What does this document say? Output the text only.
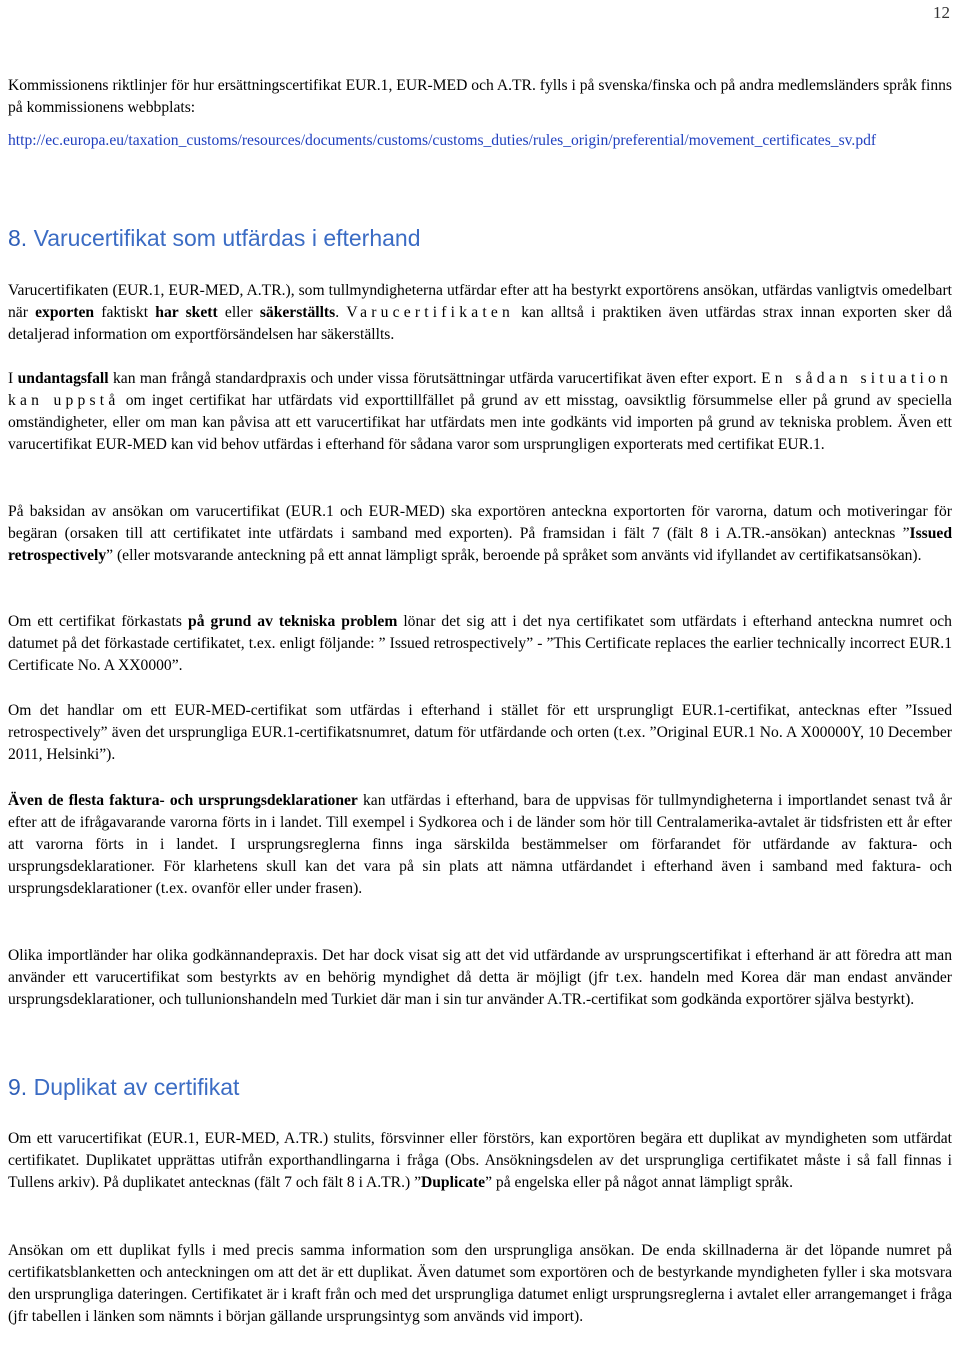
12

Kommissionens riktlinjer för hur ersättningscertifikat EUR.1, EUR-MED och A.TR. fylls i på svenska/finska och på andra medlemsländers språk finns på kommissionens webbplats:

http://ec.europa.eu/taxation_customs/resources/documents/customs/customs_duties/rules_origin/preferential/movement_certificates_sv.pdf

8. Varucertifikat som utfärdas i efterhand

Varucertifikaten (EUR.1, EUR-MED, A.TR.), som tullmyndigheterna utfärdar efter att ha bestyrkt exportörens ansökan, utfärdas vanligtvis omedelbart när exporten faktiskt har skett eller säkerställts. Varucertifikaten kan alltså i praktiken även utfärdas strax innan exporten sker då detaljerad information om exportförsändelsen har säkerställts.

I undantagsfall kan man frångå standardpraxis och under vissa förutsättningar utfärda varucertifikat även efter export. En sådan situation kan uppstå om inget certifikat har utfärdats vid exporttillfället på grund av ett misstag, oavsiktlig försummelse eller på grund av speciella omständigheter, eller om man kan påvisa att ett varucertifikat har utfärdats men inte godkänts vid importen på grund av tekniska problem. Även ett varucertifikat EUR-MED kan vid behov utfärdas i efterhand för sådana varor som ursprungligen exporterats med certifikat EUR.1.

På baksidan av ansökan om varucertifikat (EUR.1 och EUR-MED) ska exportören anteckna exportorten för varorna, datum och motiveringar för begäran (orsaken till att certifikatet inte utfärdats i samband med exporten). På framsidan i fält 7 (fält 8 i A.TR.-ansökan) antecknas ”Issued retrospectively” (eller motsvarande anteckning på ett annat lämpligt språk, beroende på språket som använts vid ifyllandet av certifikatsansökan).

Om ett certifikat förkastats på grund av tekniska problem lönar det sig att i det nya certifikatet som utfärdats i efterhand anteckna numret och datumet på det förkastade certifikatet, t.ex. enligt följande: ” Issued retrospectively” - ”This Certificate replaces the earlier technically incorrect EUR.1 Certificate No. A XX0000”.

Om det handlar om ett EUR-MED-certifikat som utfärdas i efterhand i stället för ett ursprungligt EUR.1-certifikat, antecknas efter ”Issued retrospectively” även det ursprungliga EUR.1-certifikatsnumret, datum för utfärdande och orten (t.ex. ”Original EUR.1 No. A X00000Y, 10 December 2011, Helsinki”).

Även de flesta faktura- och ursprungsdeklarationer kan utfärdas i efterhand, bara de uppvisas för tullmyndigheterna i importlandet senast två år efter att de ifrågavarande varorna förts in i landet. Till exempel i Sydkorea och i de länder som hör till Centralamerika-avtalet är tidsfristen ett år efter att varorna förts in i landet. I ursprungsreglerna finns inga särskilda bestämmelser om förfarandet för utfärdande av faktura- och ursprungsdeklarationer. För klarhetens skull kan det vara på sin plats att nämna utfärdandet i efterhand även i samband med faktura- och ursprungsdeklarationer (t.ex. ovanför eller under frasen).

Olika importländer har olika godkännandepraxis. Det har dock visat sig att det vid utfärdande av ursprungscertifikat i efterhand är att föredra att man använder ett varucertifikat som bestyrkts av en behörig myndighet då detta är möjligt (jfr t.ex. handeln med Korea där man endast använder ursprungsdeklarationer, och tullunionshandeln med Turkiet där man i sin tur använder A.TR.-certifikat som godkända exportörer själva bestyrkt).

9. Duplikat av certifikat

Om ett varucertifikat (EUR.1, EUR-MED, A.TR.) stulits, försvinner eller förstörs, kan exportören begära ett duplikat av myndigheten som utfärdat certifikatet. Duplikatet upprättas utifrån exporthandlingarna i fråga (Obs. Ansökningsdelen av det ursprungliga certifikatet måste i så fall finnas i Tullens arkiv). På duplikatet antecknas (fält 7 och fält 8 i A.TR.) ”Duplicate” på engelska eller på något annat lämpligt språk.

Ansökan om ett duplikat fylls i med precis samma information som den ursprungliga ansökan. De enda skillnaderna är det löpande numret på certifikatsblanketten och anteckningen om att det är ett duplikat. Även datumet som exportören och de bestyrkande myndigheten fyller i ska motsvara den ursprungliga dateringen. Certifikatet är i kraft från och med det ursprungliga datumet enligt ursprungsreglerna i avtalet eller arrangemanget i fråga (jfr tabellen i länken som nämnts i början gällande ursprungsintyg som används vid import).
